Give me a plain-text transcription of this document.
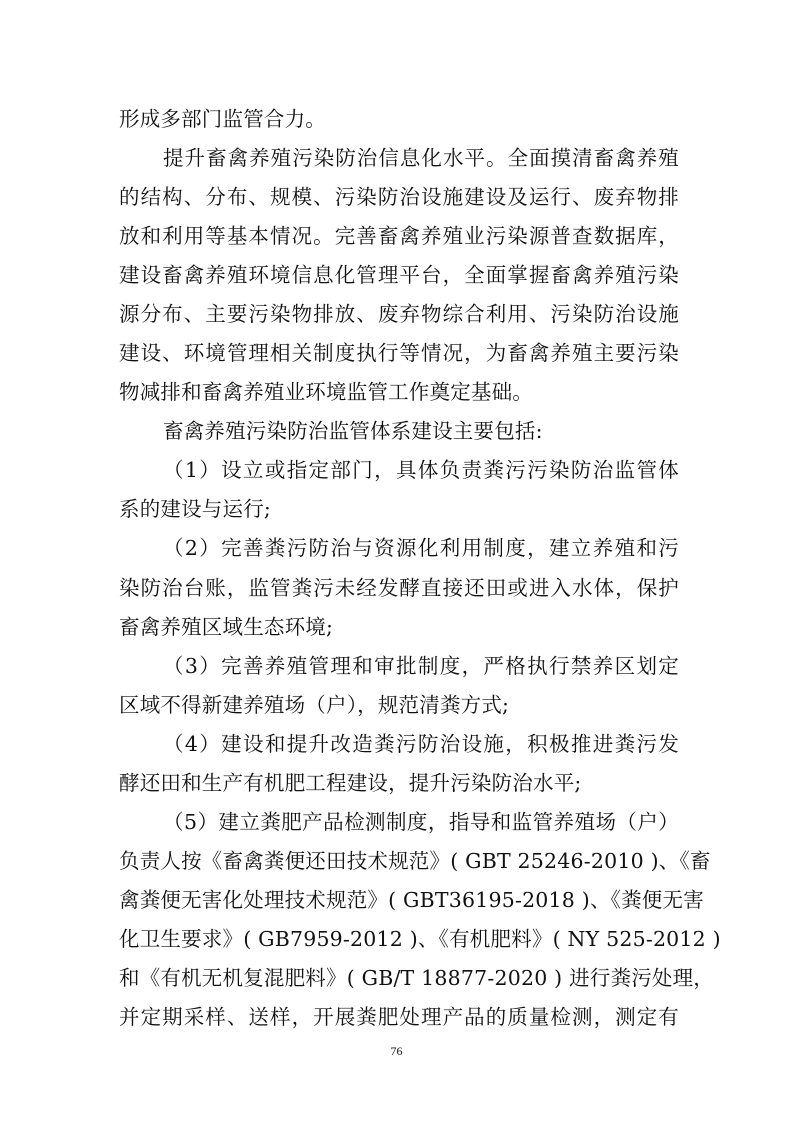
形成多部门监管合力。
提升畜禽养殖污染防治信息化水平。全面摸清畜禽养殖
的结构、分布、规模、污染防治设施建设及运行、废弃物排
放和利用等基本情况。完善畜禽养殖业污染源普查数据库，
建设畜禽养殖环境信息化管理平台，全面掌握畜禽养殖污染
源分布、主要污染物排放、废弃物综合利用、污染防治设施
建设、环境管理相关制度执行等情况，为畜禽养殖主要污染
物减排和畜禽养殖业环境监管工作奠定基础。
畜禽养殖污染防治监管体系建设主要包括:
（1）设立或指定部门，具体负责粪污污染防治监管体
系的建设与运行;
（2）完善粪污防治与资源化利用制度，建立养殖和污
染防治台账，监管粪污未经发酵直接还田或进入水体，保护
畜禽养殖区域生态环境;
（3）完善养殖管理和审批制度，严格执行禁养区划定
区域不得新建养殖场（户），规范清粪方式;
（4）建设和提升改造粪污防治设施，积极推进粪污发
酵还田和生产有机肥工程建设，提升污染防治水平;
（5）建立粪肥产品检测制度，指导和监管养殖场（户）
负责人按《畜禽粪便还田技术规范》( GBT 25246-2010 )、《畜
禽粪便无害化处理技术规范》( GBT36195-2018 )、《粪便无害
化卫生要求》( GB7959-2012 )、《有机肥料》( NY 525-2012 )
和《有机无机复混肥料》( GB/T 18877-2020 ) 进行粪污处理，
并定期采样、送样，开展粪肥处理产品的质量检测，测定有
76
